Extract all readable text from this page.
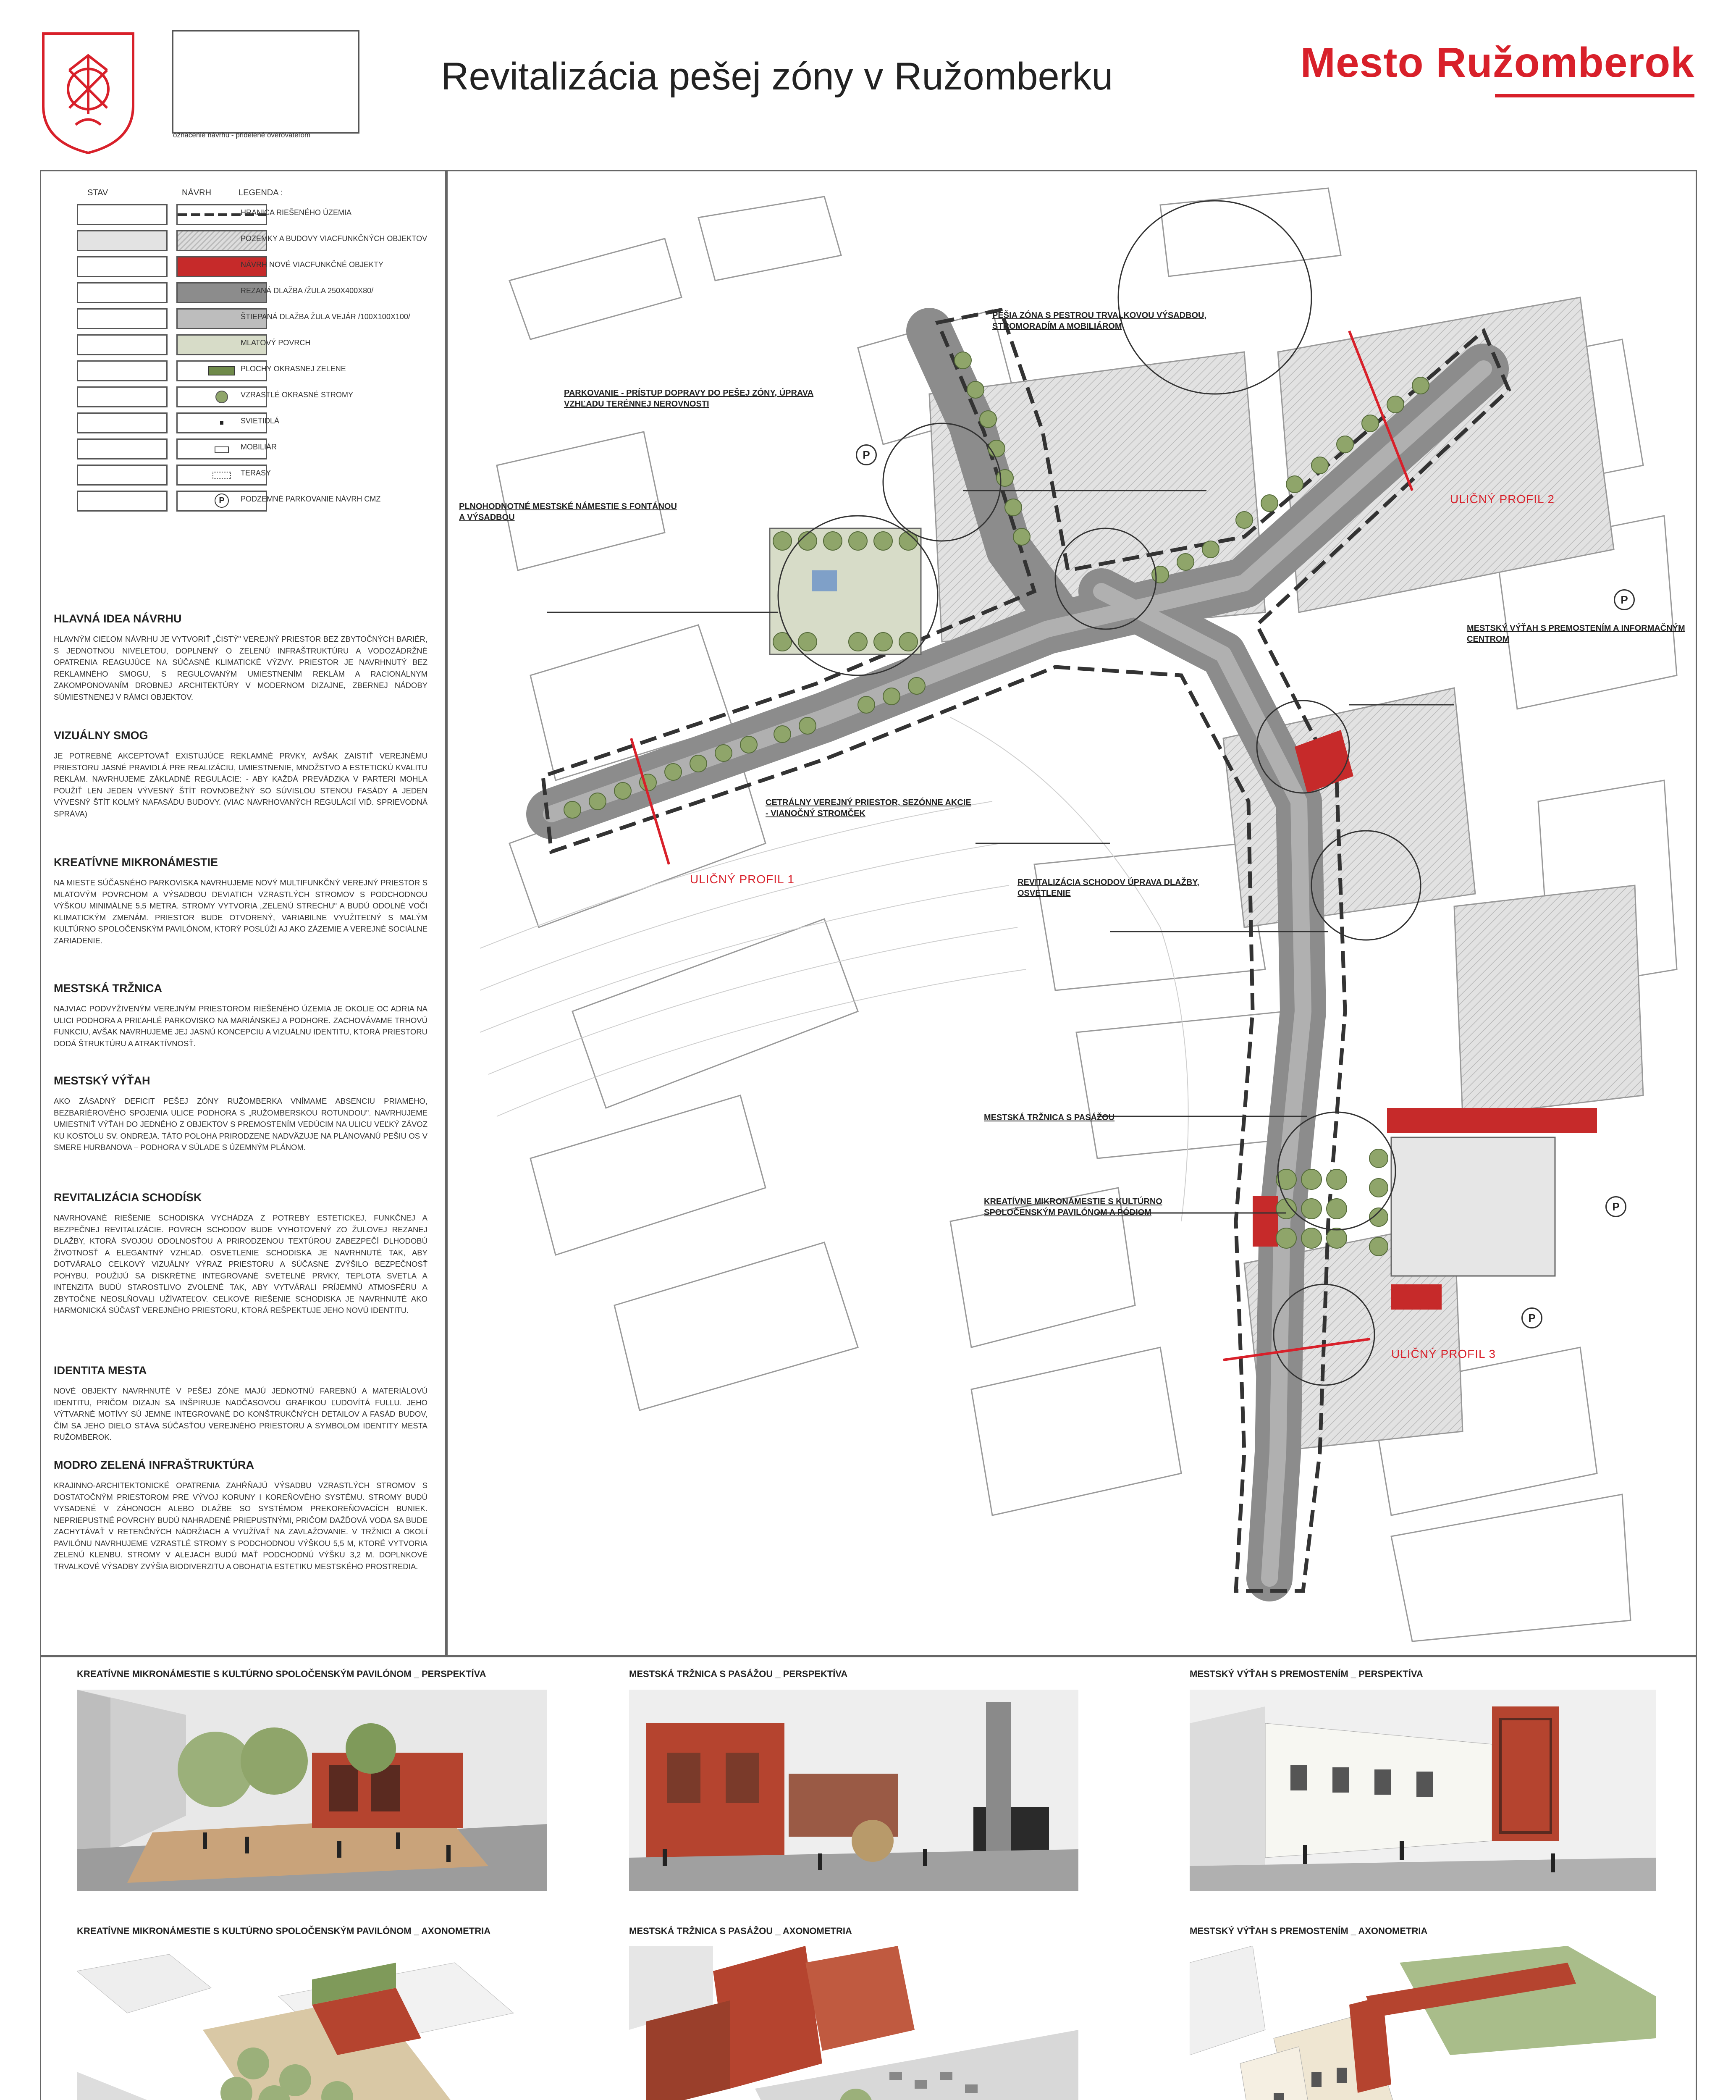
označenie návrhu - pridelené overovateľom
Revitalizácia pešej zóny v Ružomberku	Mesto Ružomberok
STAV	NÁVRH	LEGENDA :
HRANICA RIEŠENÉHO ÚZEMIA
POZEMKY A BUDOVY VIACFUNKČNÝCH OBJEKTOV
NÁVRH NOVÉ VIACFUNKČNÉ OBJEKTY
REZANÁ DLAŽBA /ŽULA 250X400X80/
ŠTIEPANÁ DLAŽBA ŽULA VEJÁR /100X100X100/
MLATOVÝ POVRCH
PLOCHY OKRASNEJ ZELENE
VZRASTLÉ OKRASNÉ STROMY
SVIETIDLÁ
MOBILIÁR
TERASY
P	PODZEMNÉ PARKOVANIE NÁVRH CMZ
HLAVNÁ IDEA NÁVRHU
HLAVNÝM CIEĽOM NÁVRHU JE VYTVORIŤ „ČISTÝ" VEREJNÝ PRIESTOR BEZ ZBYTOČNÝCH BARIÉR, S JEDNOTNOU NIVELETOU, DOPLNENÝ O ZELENÚ INFRAŠTRUKTÚRU A VODOZÁDRŽNÉ OPATRENIA REAGUJÚCE NA SÚČASNÉ KLIMATICKÉ VÝZVY. PRIESTOR JE NAVRHNUTÝ BEZ REKLAMNÉHO SMOGU, S REGULOVANÝM UMIESTNENÍM REKLÁM A RACIONÁLNYM ZAKOMPONOVANÍM DROBNEJ ARCHITEKTÚRY V MODERNOM DIZAJNE, ZBERNEJ NÁDOBY SÚMIESTNENEJ V RÁMCI OBJEKTOV.
VIZUÁLNY SMOG
JE POTREBNÉ AKCEPTOVAŤ EXISTUJÚCE REKLAMNÉ PRVKY, AVŠAK ZAISTIŤ VEREJNÉMU PRIESTORU JASNÉ PRAVIDLÁ PRE REALIZÁCIU, UMIESTNENIE, MNOŽSTVO A ESTETICKÚ KVALITU REKLÁM. NAVRHUJEME ZÁKLADNÉ REGULÁCIE: - ABY KAŽDÁ PREVÁDZKA V PARTERI MOHLA POUŽIŤ LEN JEDEN VÝVESNÝ ŠTÍT ROVNOBEŽNÝ SO SÚVISLOU STENOU FASÁDY A JEDEN VÝVESNÝ ŠTÍT KOLMÝ NAFASÁDU BUDOVY. (VIAC NAVRHOVANÝCH REGULÁCIÍ VIĎ. SPRIEVODNÁ SPRÁVA)
KREATÍVNE MIKRONÁMESTIE
NA MIESTE SÚČASNÉHO PARKOVISKA NAVRHUJEME NOVÝ MULTIFUNKČNÝ VEREJNÝ PRIESTOR S MLATOVÝM POVRCHOM A VÝSADBOU DEVIATICH VZRASTLÝCH STROMOV S PODCHODNOU VÝŠKOU MINIMÁLNE 5,5 METRA. STROMY VYTVORIA „ZELENÚ STRECHU" A BUDÚ ODOLNÉ VOČI KLIMATICKÝM ZMENÁM. PRIESTOR BUDE OTVORENÝ, VARIABILNE VYUŽITEĽNÝ S MALÝM KULTÚRNO SPOLOČENSKÝM PAVILÓNOM, KTORÝ POSLÚŽI AJ AKO ZÁZEMIE A VEREJNÉ SOCIÁLNE ZARIADENIE.
MESTSKÁ TRŽNICA
NAJVIAC PODVYŽIVENÝM VEREJNÝM PRIESTOROM RIEŠENÉHO ÚZEMIA JE OKOLIE OC ADRIA NA ULICI PODHORA A PRIĽAHLÉ PARKOVISKO NA MARIÁNSKEJ A PODHORE. ZACHOVÁVAME TRHOVÚ FUNKCIU, AVŠAK NAVRHUJEME JEJ JASNÚ KONCEPCIU A VIZUÁLNU IDENTITU, KTORÁ PRIESTORU DODÁ ŠTRUKTÚRU A ATRAKTÍVNOSŤ.
MESTSKÝ VÝŤAH
AKO ZÁSADNÝ DEFICIT PEŠEJ ZÓNY RUŽOMBERKA VNÍMAME ABSENCIU PRIAMEHO, BEZBARIÉROVÉHO SPOJENIA ULICE PODHORA S „RUŽOMBERSKOU ROTUNDOU". NAVRHUJEME UMIESTNIŤ VÝŤAH DO JEDNÉHO Z OBJEKTOV S PREMOSTENÍM VEDÚCIM NA ULICU VEĽKÝ ZÁVOZ KU KOSTOLU SV. ONDREJA. TÁTO POLOHA PRIRODZENE NADVÄZUJE NA PLÁNOVANÚ PEŠIU OS V SMERE HURBANOVA – PODHORA V SÚLADE S ÚZEMNÝM PLÁNOM.
REVITALIZÁCIA SCHODÍSK
NAVRHOVANÉ RIEŠENIE SCHODISKA VYCHÁDZA Z POTREBY ESTETICKEJ, FUNKČNEJ A BEZPEČNEJ REVITALIZÁCIE. POVRCH SCHODOV BUDE VYHOTOVENÝ ZO ŽULOVEJ REZANEJ DLAŽBY, KTORÁ SVOJOU ODOLNOSŤOU A PRIRODZENOU TEXTÚROU ZABEZPEČÍ DLHODOBÚ ŽIVOTNOSŤ A ELEGANTNÝ VZHĽAD. OSVETLENIE SCHODISKA JE NAVRHNUTÉ TAK, ABY DOTVÁRALO CELKOVÝ VIZUÁLNY VÝRAZ PRIESTORU A SÚČASNE ZVÝŠILO BEZPEČNOSŤ POHYBU. POUŽIJÚ SA DISKRÉTNE INTEGROVANÉ SVETELNÉ PRVKY, TEPLOTA SVETLA A INTENZITA BUDÚ STAROSTLIVO ZVOLENÉ TAK, ABY VYTVÁRALI PRÍJEMNÚ ATMOSFÉRU A ZBYTOČNE NEOSLŇOVALI UŽÍVATEĽOV. CELKOVÉ RIEŠENIE SCHODISKA JE NAVRHNUTÉ AKO HARMONICKÁ SÚČASŤ VEREJNÉHO PRIESTORU, KTORÁ REŠPEKTUJE JEHO NOVÚ IDENTITU.
IDENTITA MESTA
NOVÉ OBJEKTY NAVRHNUTÉ V PEŠEJ ZÓNE MAJÚ JEDNOTNÚ FAREBNÚ A MATERIÁLOVÚ IDENTITU, PRIČOM DIZAJN SA INŠPIRUJE NADČASOVOU GRAFIKOU ĽUDOVÍTÁ FULLU. JEHO VÝTVARNÉ MOTÍVY SÚ JEMNE INTEGROVANÉ DO KONŠTRUKČNÝCH DETAILOV A FASÁD BUDOV, ČÍM SA JEHO DIELO STÁVA SÚČASŤOU VEREJNÉHO PRIESTORU A SYMBOLOM IDENTITY MESTA RUŽOMBEROK.
MODRO ZELENÁ INFRAŠTRUKTÚRA
KRAJINNO-ARCHITEKTONICKÉ OPATRENIA ZAHŔŇAJÚ VÝSADBU VZRASTLÝCH STROMOV S DOSTATOČNÝM PRIESTOROM PRE VÝVOJ KORUNY I KOREŇOVÉHO SYSTÉMU. STROMY BUDÚ VYSADENÉ V ZÁHONOCH ALEBO DLAŽBE SO SYSTÉMOM PREKOREŇOVACÍCH BUNIEK. NEPRIEPUSTNÉ POVRCHY BUDÚ NAHRADENÉ PRIEPUSTNÝMI, PRIČOM DAŽĎOVÁ VODA SA BUDE ZACHYTÁVAŤ V RETENČNÝCH NÁDRŽIACH A VYUŽÍVAŤ NA ZAVLAŽOVANIE. V TRŽNICI A OKOLÍ PAVILÓNU NAVRHUJEME VZRASTLÉ STROMY S PODCHODNOU VÝŠKOU 5,5 M, KTORÉ VYTVORIA ZELENÚ KLENBU. STROMY V ALEJACH BUDÚ MAŤ PODCHODNÚ VÝŠKU 3,2 M. DOPLNKOVÉ TRVALKOVÉ VÝSADBY ZVÝŠIA BIODIVERZITU A OBOHATIA ESTETIKU MESTSKÉHO PROSTREDIA.
PEŠIA ZÓNA S PESTROU TRVALKOVOU VÝSADBOU, STROMORADÍM A MOBILIÁROM
PARKOVANIE - PRÍSTUP DOPRAVY DO PEŠEJ ZÓNY, ÚPRAVA VZHĽADU TERÉNNEJ NEROVNOSTI
PLNOHODNOTNÉ MESTSKÉ NÁMESTIE S FONTÁNOU A VÝSADBOU
MESTSKÝ VÝŤAH S PREMOSTENÍM A INFORMAČNÝM CENTROM
CETRÁLNY VEREJNÝ PRIESTOR, SEZÓNNE AKCIE - VIANOČNÝ STROMČEK
REVITALIZÁCIA SCHODOV ÚPRAVA DLAŽBY, OSVETLENIE
MESTSKÁ TRŽNICA S PASÁŽOU
KREATÍVNE MIKRONÁMESTIE S KULTÚRNO SPOLOČENSKÝM PAVILÓNOM A PÓDIOM
ULIČNÝ PROFIL 1
ULIČNÝ PROFIL 2
ULIČNÝ PROFIL 3
P
P
P
P
KREATÍVNE MIKRONÁMESTIE S KULTÚRNO SPOLOČENSKÝM PAVILÓNOM _ PERSPEKTÍVA	MESTSKÁ TRŽNICA S PASÁŽOU _ PERSPEKTÍVA	MESTSKÝ VÝŤAH S PREMOSTENÍM _ PERSPEKTÍVA
KREATÍVNE MIKRONÁMESTIE S KULTÚRNO SPOLOČENSKÝM PAVILÓNOM _ AXONOMETRIA	MESTSKÁ TRŽNICA S PASÁŽOU _ AXONOMETRIA	MESTSKÝ VÝŤAH S PREMOSTENÍM _ AXONOMETRIA
